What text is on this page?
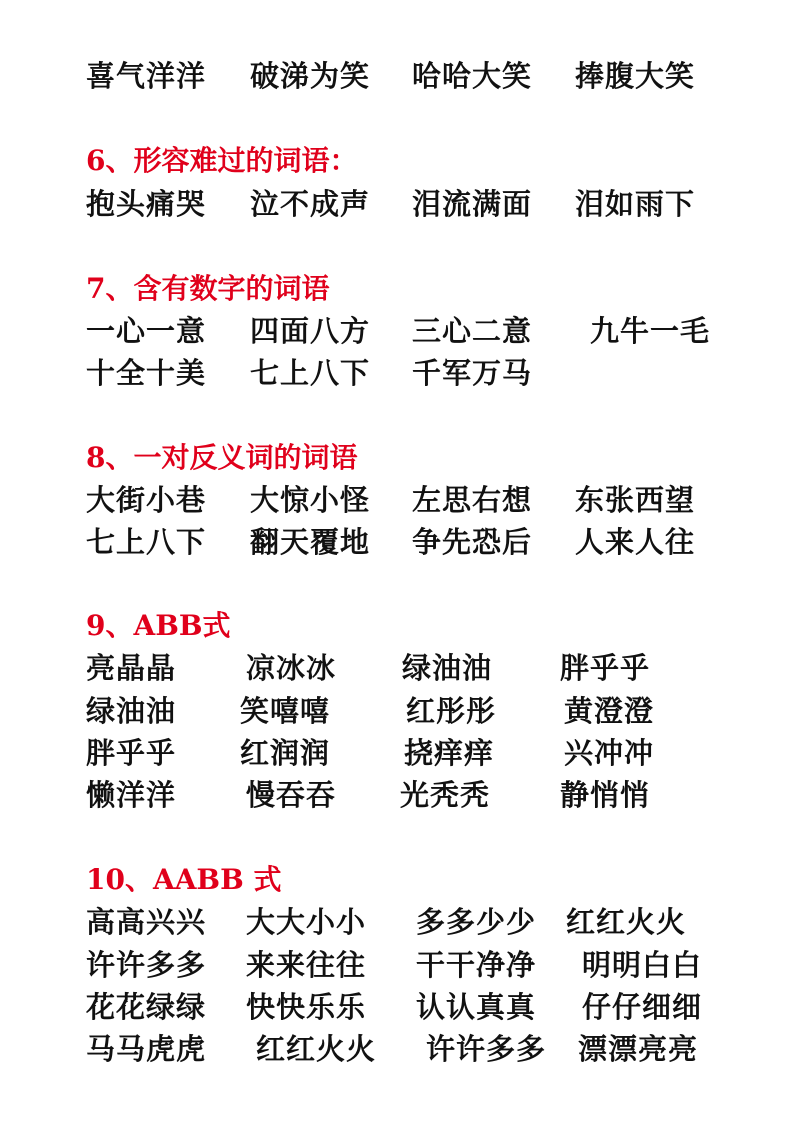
喜气洋洋 破涕为笑 哈哈大笑 捧腹大笑
6、形容难过的词语：
抱头痛哭 泣不成声 泪流满面 泪如雨下
7、含有数字的词语
一心一意 四面八方 三心二意 九牛一毛
十全十美 七上八下 千军万马
8、一对反义词的词语
大街小巷 大惊小怪 左思右想 东张西望
七上八下 翻天覆地 争先恐后 人来人往
9、ABB式
亮晶晶 凉冰冰 绿油油 胖乎乎
绿油油 笑嘻嘻	红彤彤 黄澄澄
胖乎乎 红润润	挠痒痒 兴冲冲
懒洋洋 慢吞吞 光秃秃 静悄悄
10、AABB 式
高高兴兴 大大小小 多多少少 红红火火
许许多多 来来往往 干干净净 明明白白
花花绿绿 快快乐乐 认认真真 仔仔细细
马马虎虎 红红火火 许许多多 漂漂亮亮
